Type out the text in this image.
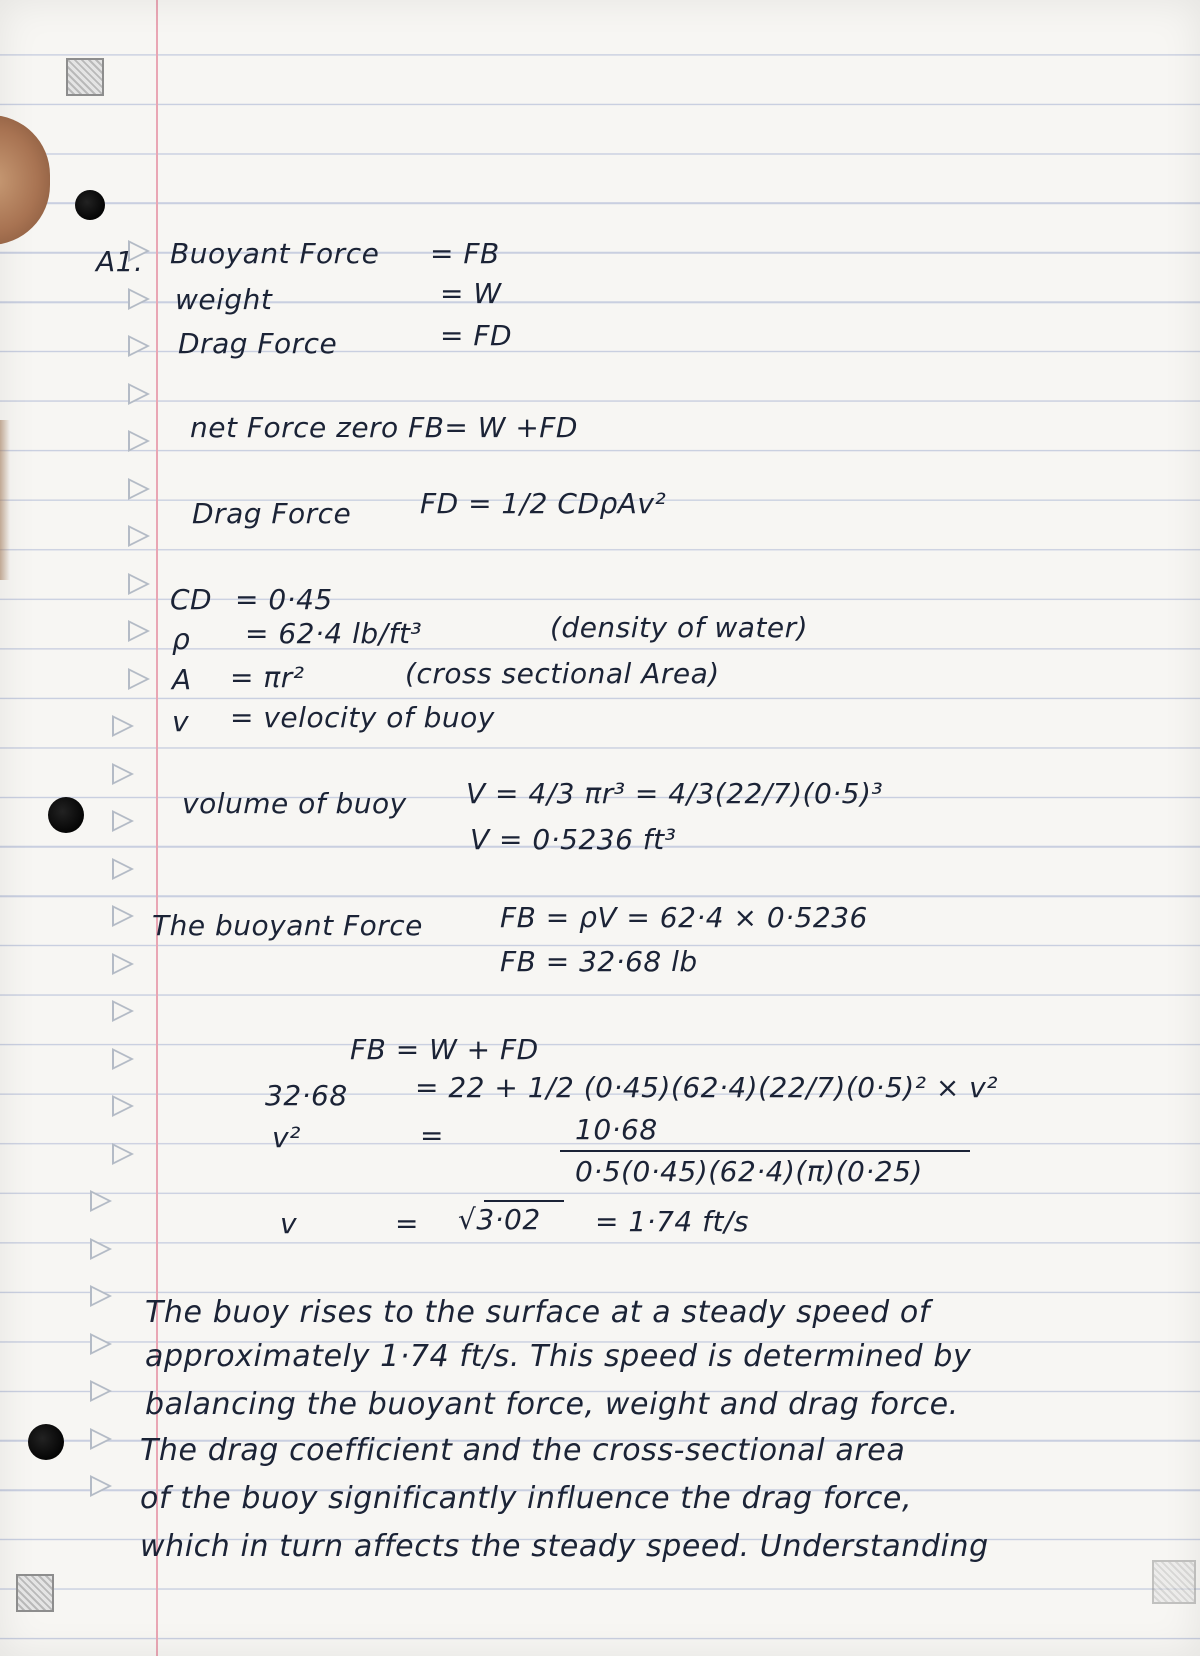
A1. Buoyant Force = FB
weight	= W
Drag Force	= FD
net Force zero FB= W +FD
Drag Force FD = 1/2 CDρAv²
CD = 0·45
ρ = 62·4 lb/ft³	(density of water)
A = πr²	(cross sectional Area)
v = velocity of buoy
volume of buoy V = 4/3 πr³ = 4/3(22/7)(0·5)³
V = 0·5236 ft³
The buoyant Force	FB = ρV = 62·4 × 0·5236
FB = 32·68 lb
FB = W + FD
32·68 = 22 + 1/2 (0·45)(62·4)(22/7)(0·5)² × v²
v²	=	10·68
0·5(0·45)(62·4)(π)(0·25)
v	= √3·02 = 1·74 ft/s
The buoy rises to the surface at a steady speed of
approximately 1·74 ft/s. This speed is determined by
balancing the buoyant force, weight and drag force.
The drag coefficient and the cross-sectional area
of the buoy significantly influence the drag force,
which in turn affects the steady speed. Understanding
